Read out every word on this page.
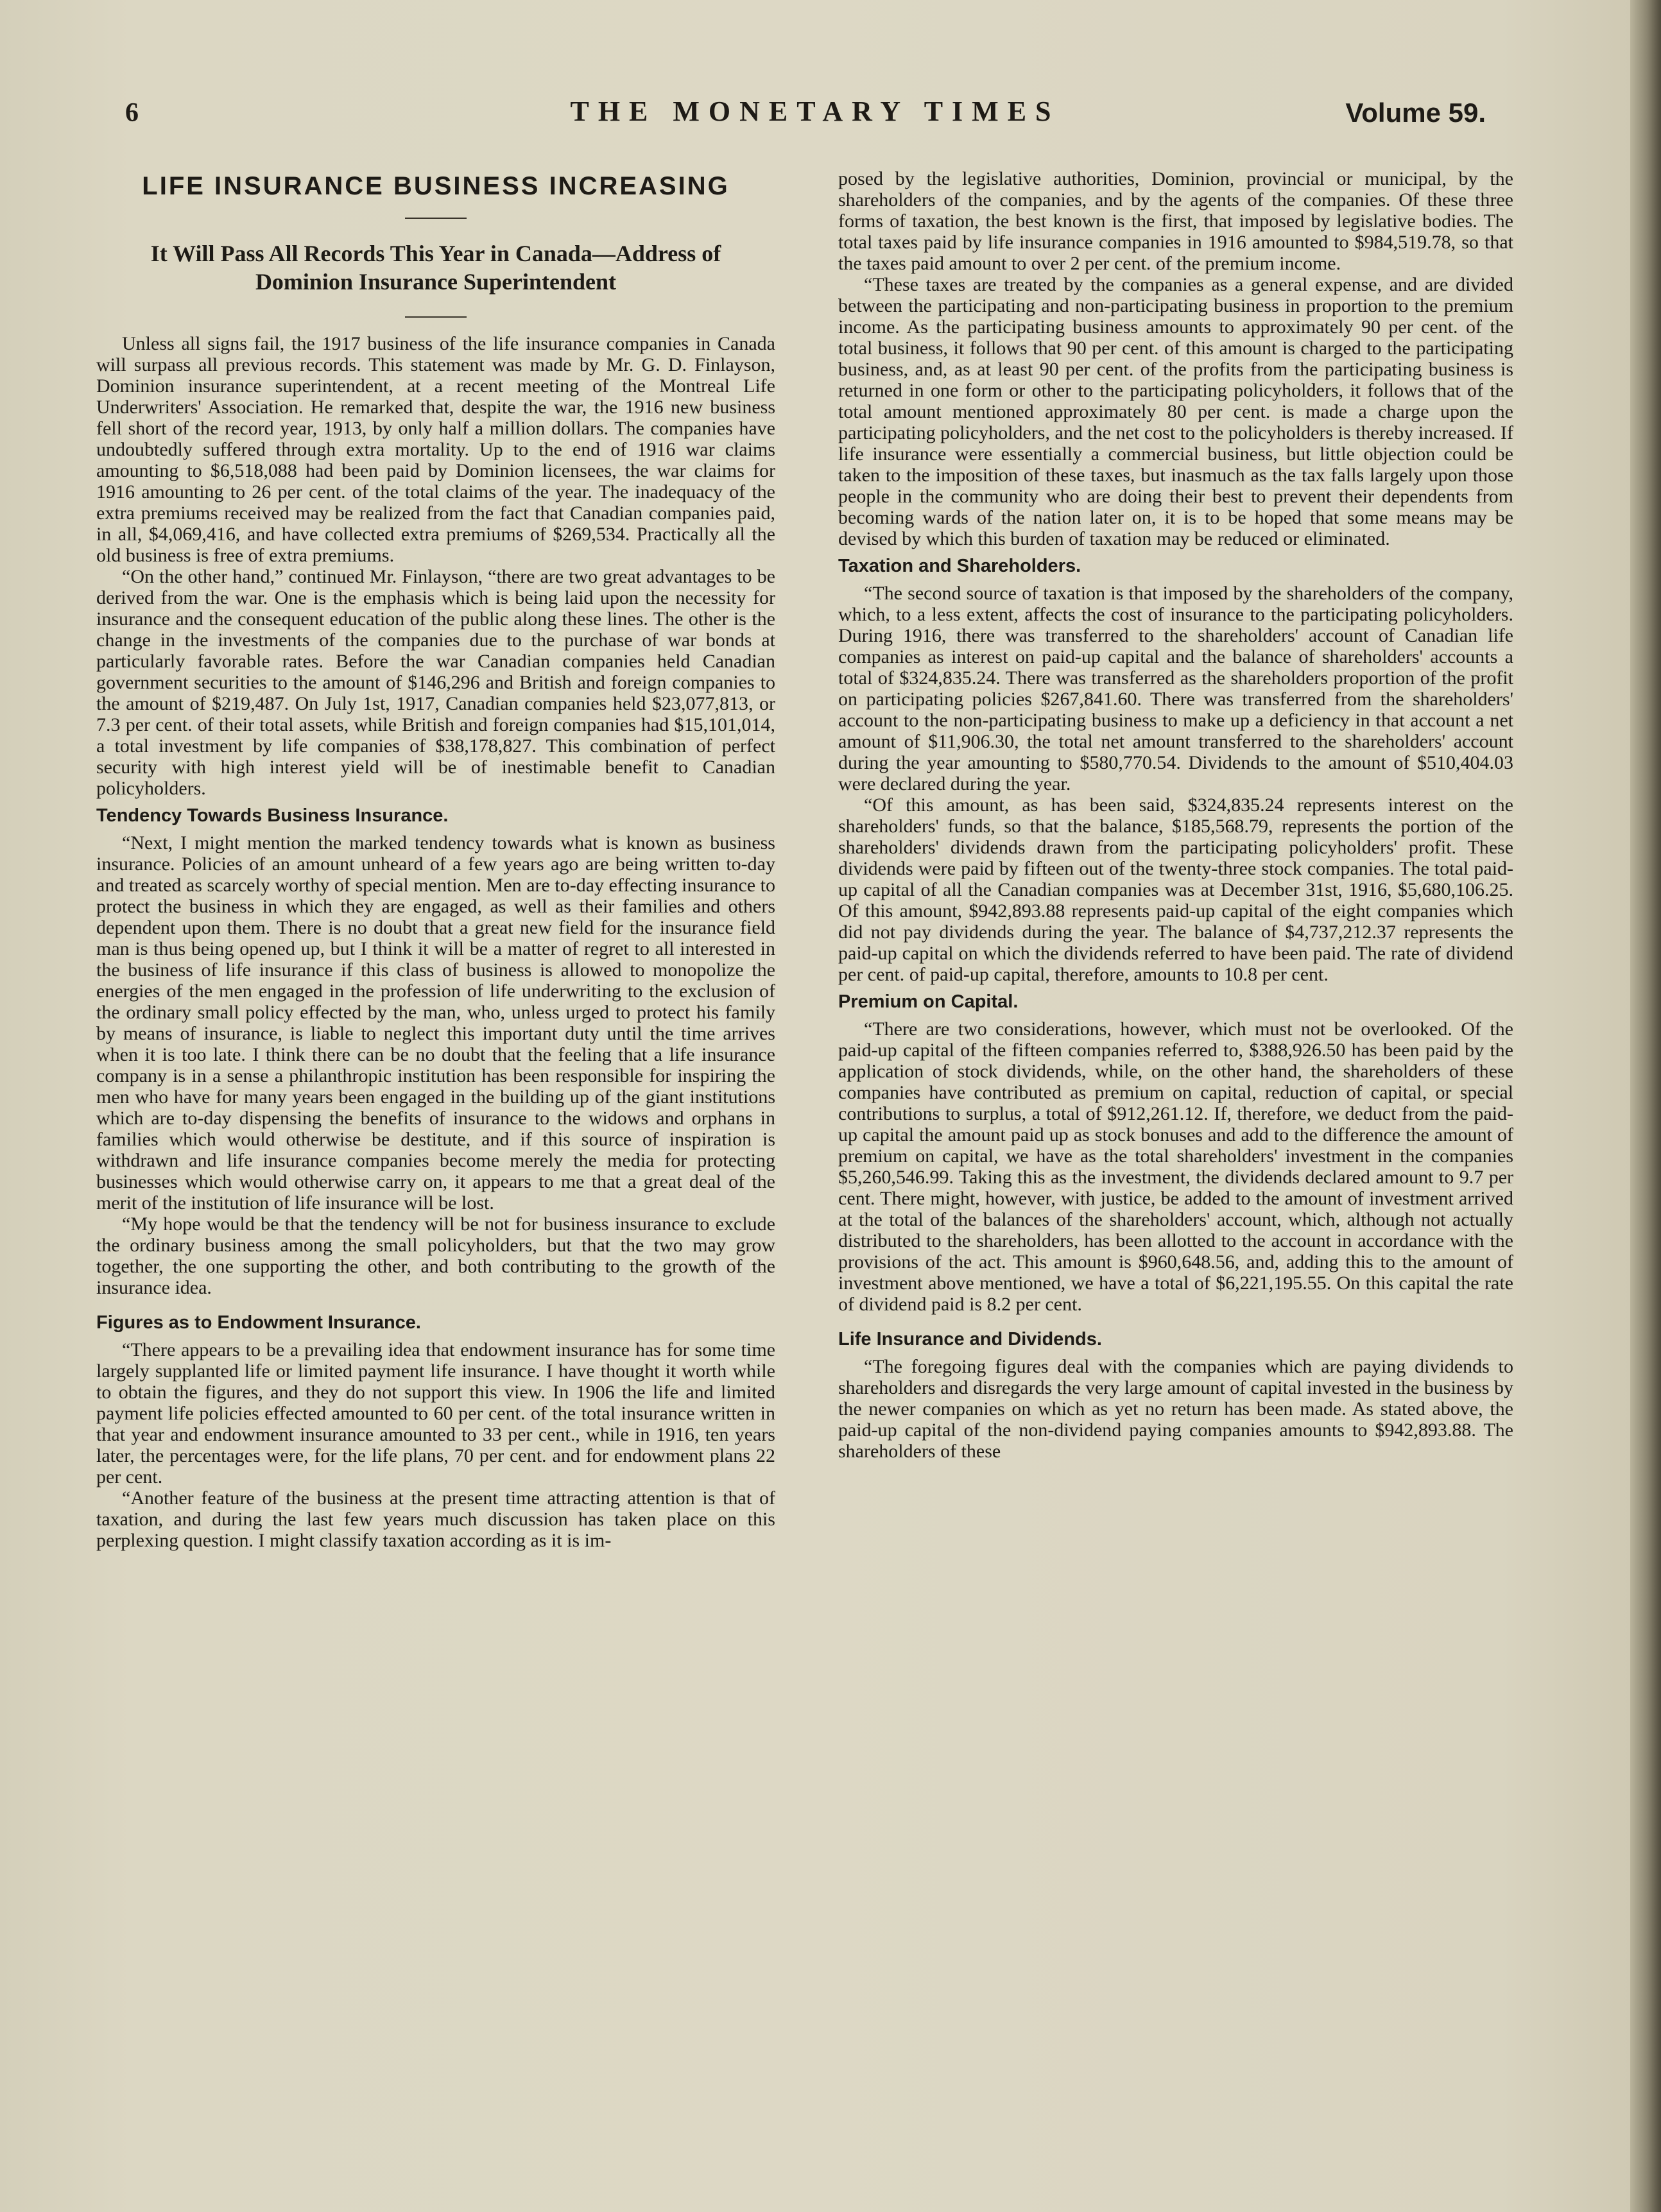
6	THE MONETARY TIMES	Volume 59.
LIFE INSURANCE BUSINESS INCREASING
It Will Pass All Records This Year in Canada—Address of Dominion Insurance Superintendent

Unless all signs fail, the 1917 business of the life insurance companies in Canada will surpass all previous records. This statement was made by Mr. G. D. Finlayson, Dominion insurance superintendent, at a recent meeting of the Montreal Life Underwriters' Association. He remarked that, despite the war, the 1916 new business fell short of the record year, 1913, by only half a million dollars. The companies have undoubtedly suffered through extra mortality. Up to the end of 1916 war claims amounting to $6,518,088 had been paid by Dominion licensees, the war claims for 1916 amounting to 26 per cent. of the total claims of the year. The inadequacy of the extra premiums received may be realized from the fact that Canadian companies paid, in all, $4,069,416, and have collected extra premiums of $269,534. Practically all the old business is free of extra premiums.

“On the other hand,” continued Mr. Finlayson, “there are two great advantages to be derived from the war. One is the emphasis which is being laid upon the necessity for insurance and the consequent education of the public along these lines. The other is the change in the investments of the companies due to the purchase of war bonds at particularly favorable rates. Before the war Canadian companies held Canadian government securities to the amount of $146,296 and British and foreign companies to the amount of $219,487. On July 1st, 1917, Canadian companies held $23,077,813, or 7.3 per cent. of their total assets, while British and foreign companies had $15,101,014, a total investment by life companies of $38,178,827. This combination of perfect security with high interest yield will be of inestimable benefit to Canadian policyholders.

Tendency Towards Business Insurance.

“Next, I might mention the marked tendency towards what is known as business insurance. Policies of an amount unheard of a few years ago are being written to-day and treated as scarcely worthy of special mention. Men are to-day effecting insurance to protect the business in which they are engaged, as well as their families and others dependent upon them. There is no doubt that a great new field for the insurance field man is thus being opened up, but I think it will be a matter of regret to all interested in the business of life insurance if this class of business is allowed to monopolize the energies of the men engaged in the profession of life underwriting to the exclusion of the ordinary small policy effected by the man, who, unless urged to protect his family by means of insurance, is liable to neglect this important duty until the time arrives when it is too late. I think there can be no doubt that the feeling that a life insurance company is in a sense a philanthropic institution has been responsible for inspiring the men who have for many years been engaged in the building up of the giant institutions which are to-day dispensing the benefits of insurance to the widows and orphans in families which would otherwise be destitute, and if this source of inspiration is withdrawn and life insurance companies become merely the media for protecting businesses which would otherwise carry on, it appears to me that a great deal of the merit of the institution of life insurance will be lost.

“My hope would be that the tendency will be not for business insurance to exclude the ordinary business among the small policyholders, but that the two may grow together, the one supporting the other, and both contributing to the growth of the insurance idea.

Figures as to Endowment Insurance.

“There appears to be a prevailing idea that endowment insurance has for some time largely supplanted life or limited payment life insurance. I have thought it worth while to obtain the figures, and they do not support this view. In 1906 the life and limited payment life policies effected amounted to 60 per cent. of the total insurance written in that year and endowment insurance amounted to 33 per cent., while in 1916, ten years later, the percentages were, for the life plans, 70 per cent. and for endowment plans 22 per cent.

“Another feature of the business at the present time attracting attention is that of taxation, and during the last few years much discussion has taken place on this perplexing question. I might classify taxation according as it is im-

posed by the legislative authorities, Dominion, provincial or municipal, by the shareholders of the companies, and by the agents of the companies. Of these three forms of taxation, the best known is the first, that imposed by legislative bodies. The total taxes paid by life insurance companies in 1916 amounted to $984,519.78, so that the taxes paid amount to over 2 per cent. of the premium income.

“These taxes are treated by the companies as a general expense, and are divided between the participating and non-participating business in proportion to the premium income. As the participating business amounts to approximately 90 per cent. of the total business, it follows that 90 per cent. of this amount is charged to the participating business, and, as at least 90 per cent. of the profits from the participating business is returned in one form or other to the participating policyholders, it follows that of the total amount mentioned approximately 80 per cent. is made a charge upon the participating policyholders, and the net cost to the policyholders is thereby increased. If life insurance were essentially a commercial business, but little objection could be taken to the imposition of these taxes, but inasmuch as the tax falls largely upon those people in the community who are doing their best to prevent their dependents from becoming wards of the nation later on, it is to be hoped that some means may be devised by which this burden of taxation may be reduced or eliminated.

Taxation and Shareholders.

“The second source of taxation is that imposed by the shareholders of the company, which, to a less extent, affects the cost of insurance to the participating policyholders. During 1916, there was transferred to the shareholders' account of Canadian life companies as interest on paid-up capital and the balance of shareholders' accounts a total of $324,835.24. There was transferred as the shareholders proportion of the profit on participating policies $267,841.60. There was transferred from the shareholders' account to the non-participating business to make up a deficiency in that account a net amount of $11,906.30, the total net amount transferred to the shareholders' account during the year amounting to $580,770.54. Dividends to the amount of $510,404.03 were declared during the year.

“Of this amount, as has been said, $324,835.24 represents interest on the shareholders' funds, so that the balance, $185,568.79, represents the portion of the shareholders' dividends drawn from the participating policyholders' profit. These dividends were paid by fifteen out of the twenty-three stock companies. The total paid-up capital of all the Canadian companies was at December 31st, 1916, $5,680,106.25. Of this amount, $942,893.88 represents paid-up capital of the eight companies which did not pay dividends during the year. The balance of $4,737,212.37 represents the paid-up capital on which the dividends referred to have been paid. The rate of dividend per cent. of paid-up capital, therefore, amounts to 10.8 per cent.

Premium on Capital.

“There are two considerations, however, which must not be overlooked. Of the paid-up capital of the fifteen companies referred to, $388,926.50 has been paid by the application of stock dividends, while, on the other hand, the shareholders of these companies have contributed as premium on capital, reduction of capital, or special contributions to surplus, a total of $912,261.12. If, therefore, we deduct from the paid-up capital the amount paid up as stock bonuses and add to the difference the amount of premium on capital, we have as the total shareholders' investment in the companies $5,260,546.99. Taking this as the investment, the dividends declared amount to 9.7 per cent. There might, however, with justice, be added to the amount of investment arrived at the total of the balances of the shareholders' account, which, although not actually distributed to the shareholders, has been allotted to the account in accordance with the provisions of the act. This amount is $960,648.56, and, adding this to the amount of investment above mentioned, we have a total of $6,221,195.55. On this capital the rate of dividend paid is 8.2 per cent.

Life Insurance and Dividends.

“The foregoing figures deal with the companies which are paying dividends to shareholders and disregards the very large amount of capital invested in the business by the newer companies on which as yet no return has been made. As stated above, the paid-up capital of the non-dividend paying companies amounts to $942,893.88. The shareholders of these
